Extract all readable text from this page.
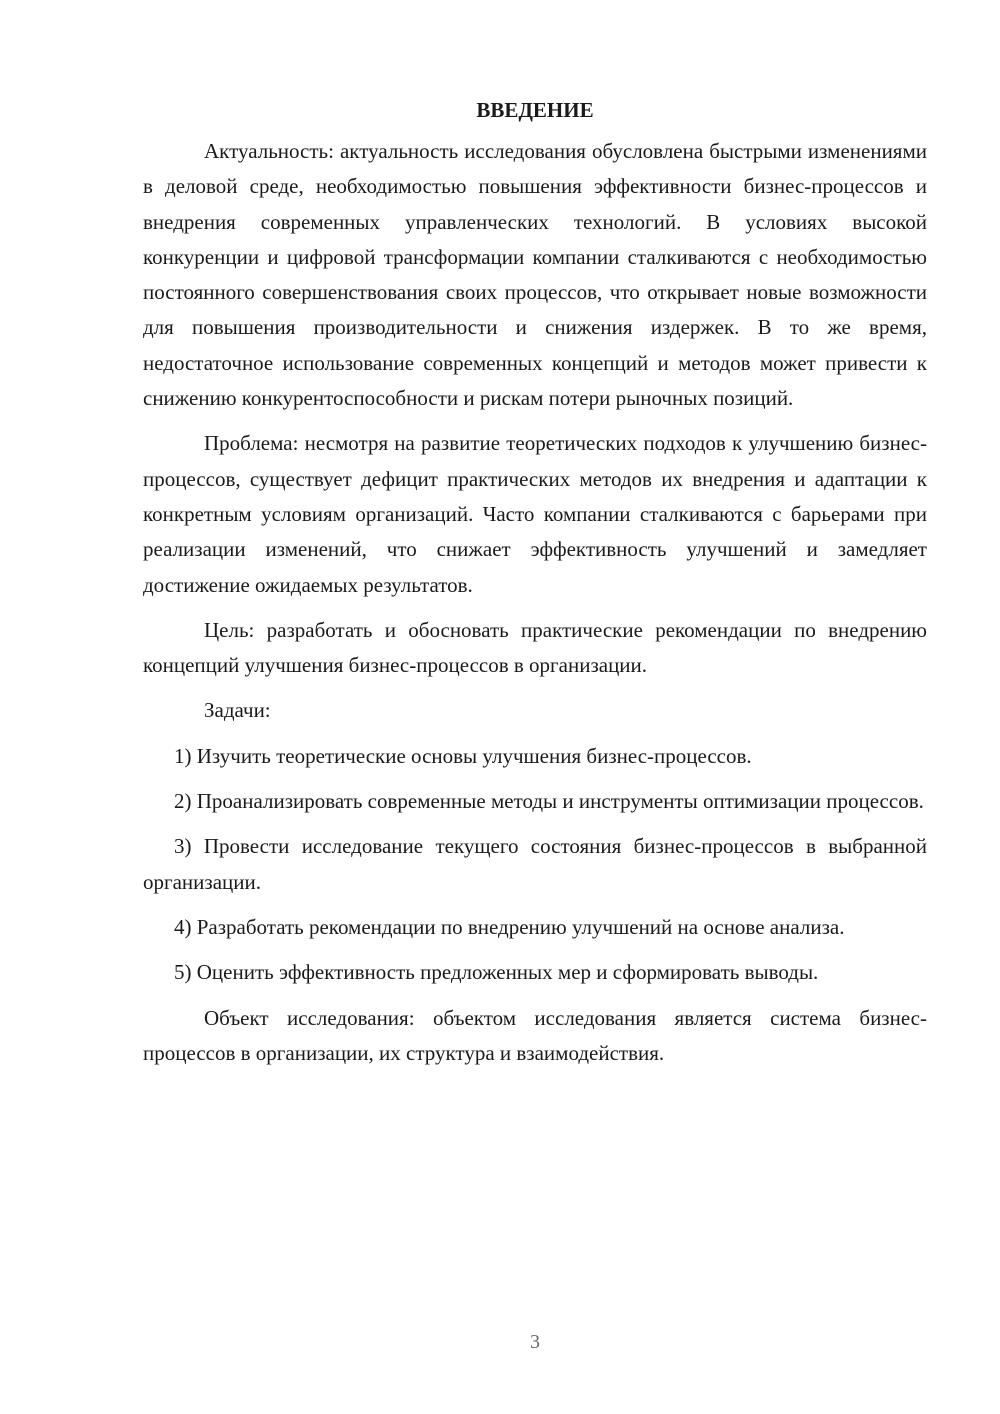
ВВЕДЕНИЕ

Актуальность: актуальность исследования обусловлена быстрыми изменениями в деловой среде, необходимостью повышения эффективности бизнес-процессов и внедрения современных управленческих технологий. В условиях высокой конкуренции и цифровой трансформации компании сталкиваются с необходимостью постоянного совершенствования своих процессов, что открывает новые возможности для повышения производительности и снижения издержек. В то же время, недостаточное использование современных концепций и методов может привести к снижению конкурентоспособности и рискам потери рыночных позиций.

Проблема: несмотря на развитие теоретических подходов к улучшению бизнес-процессов, существует дефицит практических методов их внедрения и адаптации к конкретным условиям организаций. Часто компании сталкиваются с барьерами при реализации изменений, что снижает эффективность улучшений и замедляет достижение ожидаемых результатов.

Цель: разработать и обосновать практические рекомендации по внедрению концепций улучшения бизнес-процессов в организации.

Задачи:

1) Изучить теоретические основы улучшения бизнес-процессов.

2) Проанализировать современные методы и инструменты оптимизации процессов.

3) Провести исследование текущего состояния бизнес-процессов в выбранной организации.

4) Разработать рекомендации по внедрению улучшений на основе анализа.

5) Оценить эффективность предложенных мер и сформировать выводы.

Объект исследования: объектом исследования является система бизнес-процессов в организации, их структура и взаимодействия.

3
